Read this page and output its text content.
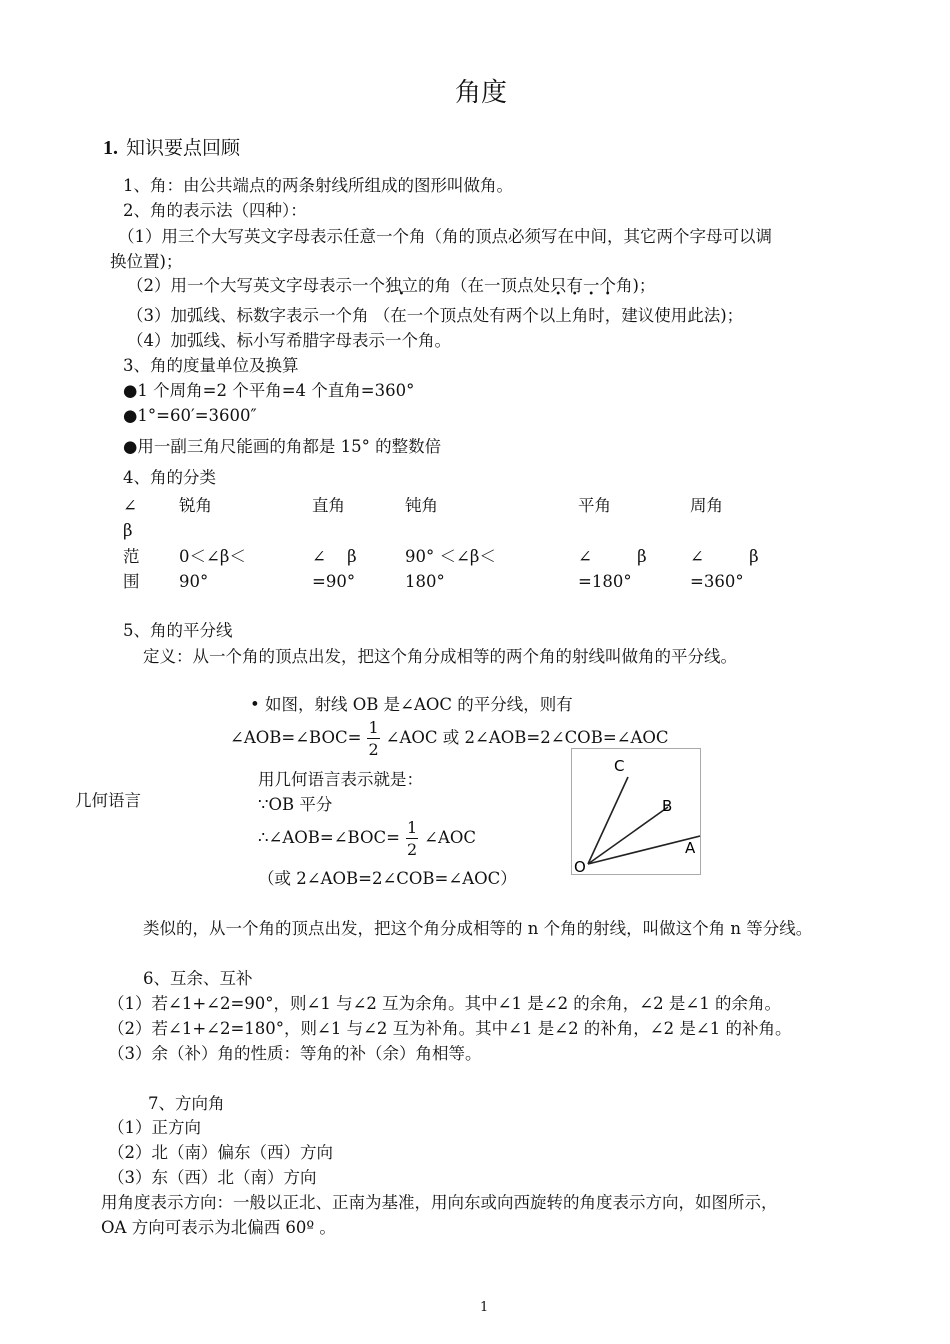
角度
1. 知识要点回顾
1、角：由公共端点的两条射线所组成的图形叫做角。
2、角的表示法（四种）：
（1）用三个大写英文字母表示任意一个角（角的顶点必须写在中间，其它两个字母可以调
换位置)；
（2）用一个大写英文字母表示一个独立的角（在一顶点处只有一个角)；
（3）加弧线、标数字表示一个角 （在一个顶点处有两个以上角时，建议使用此法)；
（4）加弧线、标小写希腊字母表示一个角。
3、角的度量单位及换算
●1 个周角=2 个平角=4 个直角=360°
●1°=60′=3600″
●用一副三角尺能画的角都是 15° 的整数倍
4、角的分类
∠	锐角	直角	钝角	平角	周角
β
范 0＜∠β＜	∠ β	90° ＜∠β＜	∠ β	∠ β
围 90°	=90°	180°	=180°	=360°
5、角的平分线
定义：从一个角的顶点出发，把这个角分成相等的两个角的射线叫做角的平分线。
• 如图，射线 OB 是∠AOC 的平分线，则有
∠AOB=∠BOC= $\frac{1}{2}$ ∠AOC 或 2∠AOB=2∠COB=∠AOC
几何语言
用几何语言表示就是：
∵OB 平分
∴∠AOB=∠BOC= $\frac{1}{2}$ ∠AOC
（或 2∠AOB=2∠COB=∠AOC）
C
B
A
O
类似的，从一个角的顶点出发，把这个角分成相等的 n 个角的射线，叫做这个角 n 等分线。
6、互余、互补
（1）若∠1+∠2=90°，则∠1 与∠2 互为余角。其中∠1 是∠2 的余角，∠2 是∠1 的余角。
（2）若∠1+∠2=180°，则∠1 与∠2 互为补角。其中∠1 是∠2 的补角，∠2 是∠1 的补角。
（3）余（补）角的性质：等角的补（余）角相等。
7、方向角
（1）正方向
（2）北（南）偏东（西）方向
（3）东（西）北（南）方向
用角度表示方向：一般以正北、正南为基准，用向东或向西旋转的角度表示方向，如图所示，
OA 方向可表示为北偏西 60º 。
1
